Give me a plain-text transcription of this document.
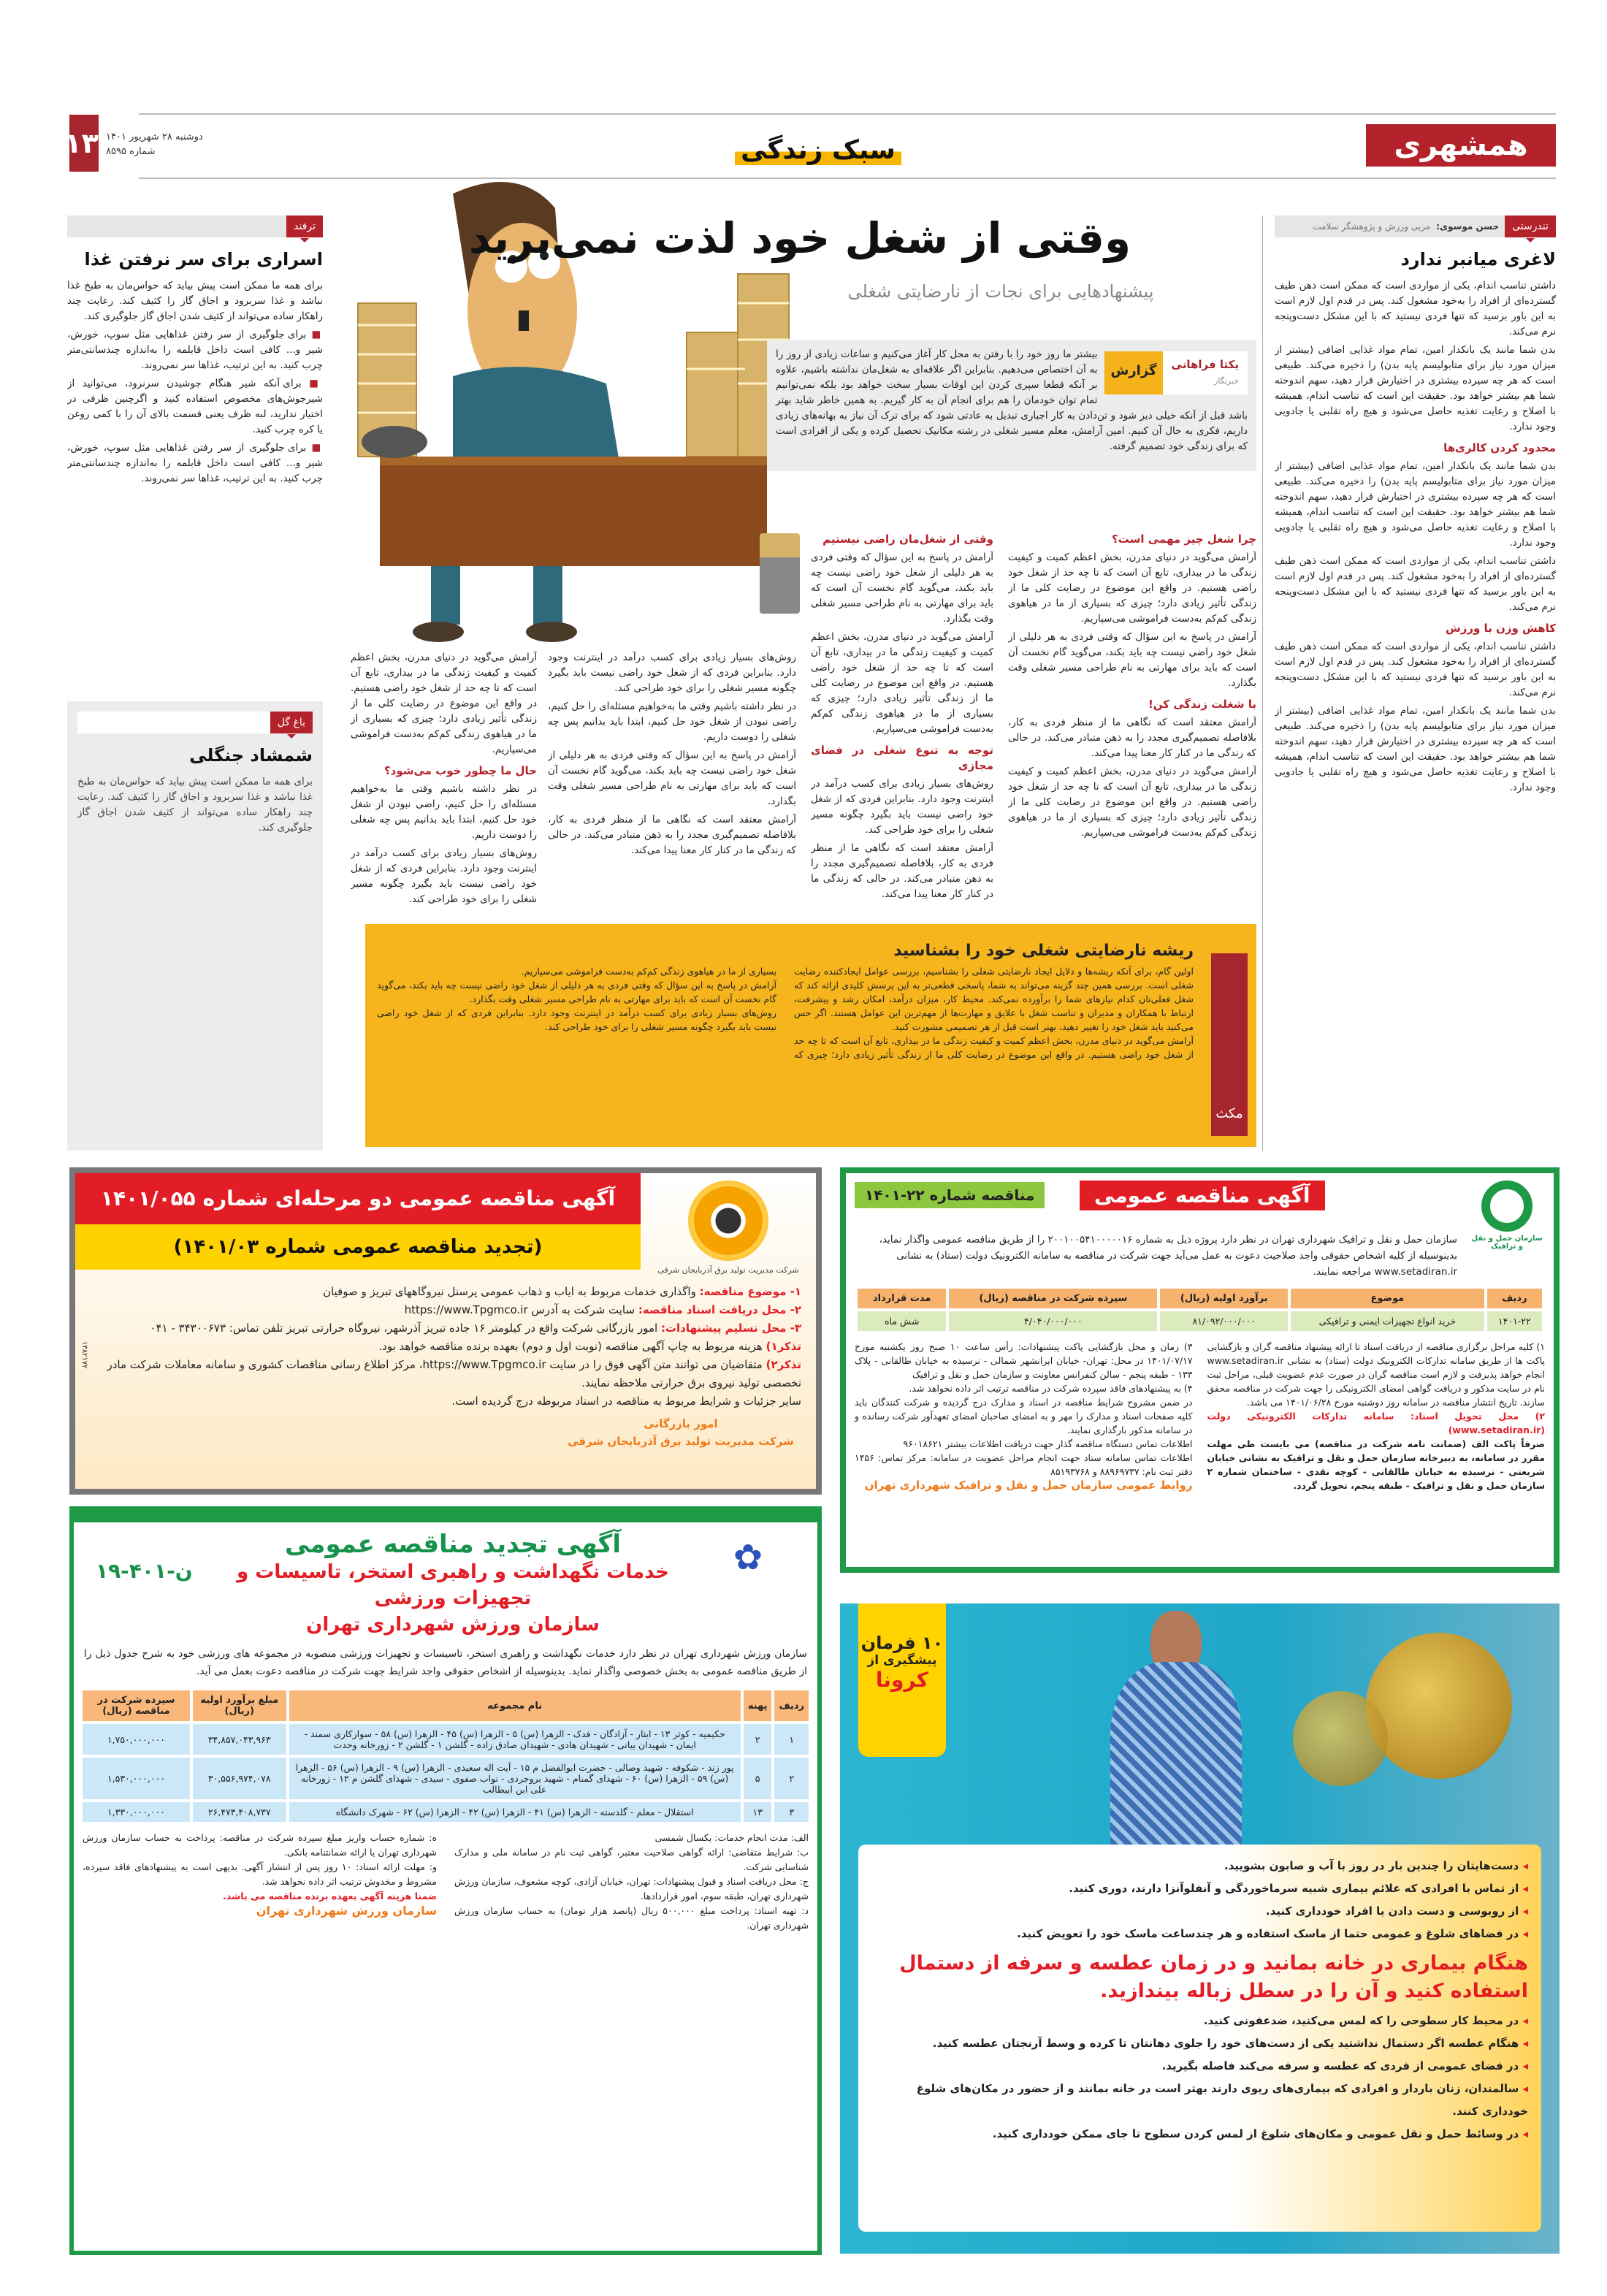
همشهری
۱۳ دوشنبه ۲۸ شهریور ۱۴۰۱
شماره ۸۵۹۵	سبک زندگی
تندرستی
حسن موسوی:
مربی ورزش و پژوهشگر سلامت
لاغری میانبر ندارد

داشتن تناسب اندام، یکی از مواردی است که ممکن است ذهن طیف گسترده‌ای از افراد را به‌خود مشغول کند. پس در قدم اول لازم است به این باور برسید که تنها فردی نیستید که با این مشکل دست‌وپنجه نرم می‌کند.

بدن شما مانند یک بانکدار امین، تمام مواد غذایی اضافی (بیشتر از میزان مورد نیاز برای متابولیسم پایه بدن) را ذخیره می‌کند. طبیعی است که هر چه سپرده بیشتری در اختیارش قرار دهید، سهم اندوخته شما هم بیشتر خواهد بود. حقیقت این است که تناسب اندام، همیشه با اصلاح و رعایت تغذیه حاصل می‌شود و هیچ راه تقلبی یا جادویی وجود ندارد.

محدود کردن کالری‌ها

بدن شما مانند یک بانکدار امین، تمام مواد غذایی اضافی (بیشتر از میزان مورد نیاز برای متابولیسم پایه بدن) را ذخیره می‌کند. طبیعی است که هر چه سپرده بیشتری در اختیارش قرار دهید، سهم اندوخته شما هم بیشتر خواهد بود. حقیقت این است که تناسب اندام، همیشه با اصلاح و رعایت تغذیه حاصل می‌شود و هیچ راه تقلبی یا جادویی وجود ندارد.

داشتن تناسب اندام، یکی از مواردی است که ممکن است ذهن طیف گسترده‌ای از افراد را به‌خود مشغول کند. پس در قدم اول لازم است به این باور برسید که تنها فردی نیستید که با این مشکل دست‌وپنجه نرم می‌کند.

کاهش وزن با ورزش

داشتن تناسب اندام، یکی از مواردی است که ممکن است ذهن طیف گسترده‌ای از افراد را به‌خود مشغول کند. پس در قدم اول لازم است به این باور برسید که تنها فردی نیستید که با این مشکل دست‌وپنجه نرم می‌کند.

بدن شما مانند یک بانکدار امین، تمام مواد غذایی اضافی (بیشتر از میزان مورد نیاز برای متابولیسم پایه بدن) را ذخیره می‌کند. طبیعی است که هر چه سپرده بیشتری در اختیارش قرار دهید، سهم اندوخته شما هم بیشتر خواهد بود. حقیقت این است که تناسب اندام، همیشه با اصلاح و رعایت تغذیه حاصل می‌شود و هیچ راه تقلبی یا جادویی وجود ندارد.

ترفند
اسراری برای سر نرفتن غذا

برای همه ما ممکن است پیش بیاید که حواس‌مان به طبخ غذا نباشد و غذا سربرود و اجاق گاز را کثیف کند. رعایت چند راهکار ساده می‌تواند از کثیف شدن اجاق گاز جلوگیری کند.

■ برای جلوگیری از سر رفتن غذاهایی مثل سوپ، خورش، شیر و... کافی است داخل قابلمه را به‌اندازه چندسانتی‌متر چرب کنید. به این ترتیب، غذاها سر نمی‌روند.

■ برای آنکه شیر هنگام جوشیدن سرنرود، می‌توانید از شیرجوش‌های مخصوص استفاده کنید و اگرچنین ظرفی در اختیار ندارید، لبه ظرف یعنی قسمت بالای آن را با کمی روغن یا کره چرب کنید.

■ برای جلوگیری از سر رفتن غذاهایی مثل سوپ، خورش، شیر و... کافی است داخل قابلمه را به‌اندازه چندسانتی‌متر چرب کنید. به این ترتیب، غذاها سر نمی‌روند.

باغ گل
شمشاد جنگلی

برای همه ما ممکن است پیش بیاید که حواس‌مان به طبخ غذا نباشد و غذا سربرود و اجاق گاز را کثیف کند. رعایت چند راهکار ساده می‌تواند از کثیف شدن اجاق گاز جلوگیری کند.

وقتی از شغل خود لذت نمی‌برید
پیشنهادهایی برای نجات از نارضایتی شغلی
یکتا فراهانی
خبرنگار
گزارش
بیشتر ما روز خود را با رفتن به محل کار آغاز می‌کنیم و ساعات زیادی از روز را به آن اختصاص می‌دهیم. بنابراین اگر علاقه‌ای به شغل‌مان نداشته باشیم، علاوه بر آنکه قطعا سپری کردن این اوقات بسیار سخت خواهد بود بلکه نمی‌توانیم تمام توان خودمان را هم برای انجام آن به کار گیریم. به همین خاطر شاید بهتر باشد قبل از آنکه خیلی دیر شود و تن‌دادن به کار اجباری تبدیل به عادتی شود که برای ترک آن نیاز به بهانه‌های زیادی داریم، فکری به حال آن کنیم. امین آرامش، معلم مسیر شغلی در رشته مکانیک تحصیل کرده و یکی از افرادی است که برای زندگی خود تصمیم گرفته.
چرا شغل چیز مهمی است؟

آرامش می‌گوید در دنیای مدرن، بخش اعظم کمیت و کیفیت زندگی ما در بیداری، تابع آن است که تا چه حد از شغل خود راضی هستیم. در واقع این موضوع در رضایت کلی ما از زندگی تأثیر زیادی دارد؛ چیزی که بسیاری از ما در هیاهوی زندگی کم‌کم به‌دست فراموشی می‌سپاریم.

آرامش در پاسخ به این سؤال که وقتی فردی به هر دلیلی از شغل خود راضی نیست چه باید بکند، می‌گوید گام نخست آن است که باید برای مهارتی به نام طراحی مسیر شغلی وقت بگذارد.

با شغلت زندگی کن!

آرامش معتقد است که نگاهی ما از منظر فردی به کار، بلافاصله تصمیم‌گیری مجدد را به ذهن متبادر می‌کند. در حالی که زندگی ما در کنار کار معنا پیدا می‌کند.

آرامش می‌گوید در دنیای مدرن، بخش اعظم کمیت و کیفیت زندگی ما در بیداری، تابع آن است که تا چه حد از شغل خود راضی هستیم. در واقع این موضوع در رضایت کلی ما از زندگی تأثیر زیادی دارد؛ چیزی که بسیاری از ما در هیاهوی زندگی کم‌کم به‌دست فراموشی می‌سپاریم.

وقتی از شغل‌مان راضی نیستیم

آرامش در پاسخ به این سؤال که وقتی فردی به هر دلیلی از شغل خود راضی نیست چه باید بکند، می‌گوید گام نخست آن است که باید برای مهارتی به نام طراحی مسیر شغلی وقت بگذارد.

آرامش می‌گوید در دنیای مدرن، بخش اعظم کمیت و کیفیت زندگی ما در بیداری، تابع آن است که تا چه حد از شغل خود راضی هستیم. در واقع این موضوع در رضایت کلی ما از زندگی تأثیر زیادی دارد؛ چیزی که بسیاری از ما در هیاهوی زندگی کم‌کم به‌دست فراموشی می‌سپاریم.

توجه به تنوع شغلی در فضای مجازی

روش‌های بسیار زیادی برای کسب درآمد در اینترنت وجود دارد. بنابراین فردی که از شغل خود راضی نیست باید بگیرد چگونه مسیر شغلی را برای خود طراحی کند.

آرامش معتقد است که نگاهی ما از منظر فردی به کار، بلافاصله تصمیم‌گیری مجدد را به ذهن متبادر می‌کند. در حالی که زندگی ما در کنار کار معنا پیدا می‌کند.

روش‌های بسیار زیادی برای کسب درآمد در اینترنت وجود دارد. بنابراین فردی که از شغل خود راضی نیست باید بگیرد چگونه مسیر شغلی را برای خود طراحی کند.

در نظر داشته باشیم وقتی ما به‌خواهیم مسئله‌ای را حل کنیم، راضی نبودن از شغل خود حل کنیم، ابتدا باید بدانیم پس چه شغلی را دوست داریم.

آرامش در پاسخ به این سؤال که وقتی فردی به هر دلیلی از شغل خود راضی نیست چه باید بکند، می‌گوید گام نخست آن است که باید برای مهارتی به نام طراحی مسیر شغلی وقت بگذارد.

آرامش معتقد است که نگاهی ما از منظر فردی به کار، بلافاصله تصمیم‌گیری مجدد را به ذهن متبادر می‌کند. در حالی که زندگی ما در کنار کار معنا پیدا می‌کند.

آرامش می‌گوید در دنیای مدرن، بخش اعظم کمیت و کیفیت زندگی ما در بیداری، تابع آن است که تا چه حد از شغل خود راضی هستیم. در واقع این موضوع در رضایت کلی ما از زندگی تأثیر زیادی دارد؛ چیزی که بسیاری از ما در هیاهوی زندگی کم‌کم به‌دست فراموشی می‌سپاریم.

حال ما چطور خوب می‌شود؟

در نظر داشته باشیم وقتی ما به‌خواهیم مسئله‌ای را حل کنیم، راضی نبودن از شغل خود حل کنیم، ابتدا باید بدانیم پس چه شغلی را دوست داریم.

روش‌های بسیار زیادی برای کسب درآمد در اینترنت وجود دارد. بنابراین فردی که از شغل خود راضی نیست باید بگیرد چگونه مسیر شغلی را برای خود طراحی کند.

مکث
ریشه نارضایتی شغلی خود را بشناسید

اولین گام، برای آنکه ریشه‌ها و دلایل ایجاد نارضایتی شغلی را بشناسیم، بررسی عوامل ایجادکننده رضایت شغلی است. بررسی همین چند گزینه می‌تواند به شما، پاسخی قطعی‌تر به این پرسش کلیدی ارائه کند که شغل فعلی‌تان کدام نیازهای شما را برآورده نمی‌کند. محیط کار، میزان درآمد، امکان رشد و پیشرفت، ارتباط با همکاران و مدیران و تناسب شغل با علایق و مهارت‌ها از مهم‌ترین این عوامل هستند. اگر حس می‌کنید باید شغل خود را تغییر دهید، بهتر است قبل از هر تصمیمی مشورت کنید.

آرامش می‌گوید در دنیای مدرن، بخش اعظم کمیت و کیفیت زندگی ما در بیداری، تابع آن است که تا چه حد از شغل خود راضی هستیم. در واقع این موضوع در رضایت کلی ما از زندگی تأثیر زیادی دارد؛ چیزی که بسیاری از ما در هیاهوی زندگی کم‌کم به‌دست فراموشی می‌سپاریم.

آرامش در پاسخ به این سؤال که وقتی فردی به هر دلیلی از شغل خود راضی نیست چه باید بکند، می‌گوید گام نخست آن است که باید برای مهارتی به نام طراحی مسیر شغلی وقت بگذارد.

روش‌های بسیار زیادی برای کسب درآمد در اینترنت وجود دارد. بنابراین فردی که از شغل خود راضی نیست باید بگیرد چگونه مسیر شغلی را برای خود طراحی کند.

آگهی مناقصه عمومی دو مرحله‌ای شماره ۱۴۰۱/۰۵۵
(تجدید مناقصه عمومی شماره ۱۴۰۱/۰۳)
شرکت مدیریت تولید برق آذربایجان شرقی
۱- موضوع مناقصه: واگذاری خدمات مربوط به ایاب و ذهاب عمومی پرسنل نیروگاههای تبریز و صوفیان
۲- محل دریافت اسناد مناقصه: سایت شرکت به آدرس https://www.Tpgmco.ir
۳- محل تسلیم پیشنهادات: امور بازرگانی شرکت واقع در کیلومتر ۱۶ جاده تبریز آذرشهر، نیروگاه حرارتی تبریز تلفن تماس: ۳۴۳۰۰۶۷۳ - ۰۴۱
تذکر۱) هزینه مربوط به چاپ آگهی مناقصه (نوبت اول و دوم) بعهده برنده مناقصه خواهد بود.
تذکر۲) متقاضیان می توانند متن آگهی فوق را در سایت https://www.Tpgmco.ir، مرکز اطلاع رسانی مناقصات کشوری و سامانه معاملات شرکت مادر تخصصی تولید نیروی برق حرارتی ملاحظه نمایند.
سایر جزئیات و شرایط مربوط به مناقصه در اسناد مربوطه درج گردیده است.
امور بازرگانی
شرکت مدیریت تولید برق آذربایجان شرقی
۱۳۸۲۱۷۲
✿
۱۹-ن-۴۰۱
آگهی تجدید مناقصه عمومی
خدمات نگهداشت و راهبری استخر، تاسیسات و تجهیزات ورزشی
سازمان ورزش شهرداری تهران
سازمان ورزش شهرداری تهران در نظر دارد خدمات نگهداشت و راهبری استخر، تاسیسات و تجهیزات ورزشی منصوبه در مجموعه های ورزشی خود به شرح جدول ذیل را از طریق مناقصه عمومی به بخش خصوصی واگذار نماید. بدینوسیله از اشخاص حقوقی واجد شرایط جهت شرکت در مناقصه دعوت بعمل می آید.
ردیف	پهنه	نام مجموعه	مبلغ برآورد اولیه (ریال)	سپرده شرکت در مناقصه (ریال)
۱	۲	حکیمیه - کوثر ۱۳ - ایثار - آزادگان - فدک - الزهرا (س) ۵ - الزهرا (س) ۴۵ - الزهرا (س) ۵۸ - سوارکاری سمند - ایمان - شهیدان بیاتی - شهیدان هادی - شهیدان صادق زاده - گلشن ۱ - گلشن ۲ - زورخانه وحدت	۳۴,۸۵۷,۰۴۳,۹۶۳	۱,۷۵۰,۰۰۰,۰۰۰
۲	۵	پور زند - شکوفه - شهید وصالی - حضرت ابوالفضل م ۱۵ - آیت اله سعیدی - الزهرا (س) ۹ - الزهرا (س) ۵۶ - الزهرا (س) ۵۹ - الزهرا (س) ۶۰ - شهدای گمنام - شهید بروجردی - نواب صفوی - سیدی - شهدای گلشن م ۱۲ - زورخانه علی ابن ابیطالب	۳۰,۵۵۶,۹۷۴,۰۷۸	۱,۵۳۰,۰۰۰,۰۰۰
۳	۱۳	استقلال - معلم - گلدسته - الزهرا (س) ۴۱ - الزهرا (س) ۴۲ - الزهرا (س) ۶۲ - شهرک دانشگاه	۲۶,۴۷۳,۴۰۸,۷۳۷	۱,۳۳۰,۰۰۰,۰۰۰

الف: مدت انجام خدمات: یکسال شمسی

ب: شرایط متقاضی: ارائه گواهی صلاحیت معتبر، گواهی ثبت نام در سامانه ملی و مدارک شناسایی شرکت.

ج: محل دریافت اسناد و قبول پیشنهادات: تهران، خیابان آزادی، کوچه مشعوف، سازمان ورزش شهرداری تهران، طبقه سوم، امور قراردادها.

د: تهیه اسناد: پرداخت مبلغ ۵۰۰,۰۰۰ ریال (پانصد هزار تومان) به حساب سازمان ورزش شهرداری تهران.

ه: شماره حساب واریز مبلغ سپرده شرکت در مناقصه: پرداخت به حساب سازمان ورزش شهرداری تهران یا ارائه ضمانتنامه بانکی.

و: مهلت ارائه اسناد: ۱۰ روز پس از انتشار آگهی. بدیهی است به پیشنهادهای فاقد سپرده، مشروط و مخدوش ترتیب اثر داده نخواهد شد.

ضمنا هزینه آگهی بعهده برنده مناقصه می باشد.

سازمان ورزش شهرداری تهران

مناقصه شماره ۲۲-۱۴۰۱	آگهی مناقصه عمومی
سازمان حمل و نقل و ترافیک
سازمان حمل و نقل و ترافیک شهرداری تهران در نظر دارد پروژه ذیل به شماره ۲۰۰۱۰۰۵۴۱۰۰۰۰۰۱۶ را از طریق مناقصه عمومی واگذار نماید، بدینوسیله از کلیه اشخاص حقوقی واجد صلاحیت دعوت به عمل می‌آید جهت شرکت در مناقصه به سامانه الکترونیک دولت (ستاد) به نشانی www.setadiran.ir مراجعه نمایند.
ردیف	موضوع	برآورد اولیه (ریال)	سپرده شرکت در مناقصه (ریال)	مدت قرارداد
۱۴۰۱-۲۲	خرید انواع تجهیزات ایمنی و ترافیکی	۸۱/۰۹۲/۰۰۰/۰۰۰	۴/۰۴۰/۰۰۰/۰۰۰	شش ماه

۱) کلیه مراحل برگزاری مناقصه از دریافت اسناد تا ارائه پیشنهاد مناقصه گران و بازگشایی پاکت ها از طریق سامانه تدارکات الکترونیک دولت (ستاد) به نشانی www.setadiran.ir انجام خواهد پذیرفت و لازم است مناقصه گران در صورت عدم عضویت قبلی، مراحل ثبت نام در سایت مذکور و دریافت گواهی امضای الکترونیکی را جهت شرکت در مناقصه محقق سازند. تاریخ انتشار مناقصه در سامانه روز دوشنبه مورخ ۱۴۰۱/۰۶/۲۸ می باشد.

۲) محل تحویل اسناد: سامانه تدارکات الکترونیکی دولت (www.setadiran.ir)

صرفاً پاکت الف (ضمانت نامه شرکت در مناقصه) می بایست طی مهلت مقرر در سامانه، به دبیرخانه سازمان حمل و نقل و ترافیک به نشانی خیابان شریعتی - نرسیده به خیابان طالقانی - کوچه نقدی - ساختمان شماره ۲ سازمان حمل و نقل و ترافیک - طبقه پنجم، تحویل گردد.

۳) زمان و محل بازگشایی پاکت پیشنهادات: رأس ساعت ۱۰ صبح روز یکشنبه مورخ ۱۴۰۱/۰۷/۱۷ در محل: تهران- خیابان ایرانشهر شمالی - نرسیده به خیابان طالقانی - پلاک ۱۳۳ - طبقه پنجم - سالن کنفرانس معاونت و سازمان حمل و نقل و ترافیک

۴) به پیشنهادهای فاقد سپرده شرکت در مناقصه ترتیب اثر داده نخواهد شد.

در ضمن مشروح شرایط مناقصه در اسناد و مدارک درج گردیده و شرکت کنندگان باید کلیه صفحات اسناد و مدارک را مهر و به امضای صاحبان امضای تعهدآور شرکت رسانده و در سامانه مذکور بارگذاری نمایند.

اطلاعات تماس دستگاه مناقصه گذار جهت دریافت اطلاعات بیشتر ۹۶۰۱۸۶۲۱

اطلاعات تماس سامانه ستاد جهت انجام مراحل عضویت در سامانه: مرکز تماس: ۱۴۵۶ دفتر ثبت نام: ۸۸۹۶۹۷۳۷ و ۸۵۱۹۳۷۶۸

روابط عمومی سازمان حمل و نقل و ترافیک شهرداری تهران

۱۰ فرمان
پیشگیری از
کرونا
◂ دست‌هایتان را چندین بار در روز با آب و صابون بشویید.
◂ از تماس با افرادی که علائم بیماری شبیه سرماخوردگی و آنفلوآنزا دارند، دوری کنید.
◂ از روبوسی و دست دادن با افراد خودداری کنید.
◂ در فضاهای شلوغ و عمومی حتما از ماسک استفاده و هر چندساعت ماسک خود را تعویض کنید.
هنگام بیماری در خانه بمانید و در زمان عطسه و سرفه از دستمال استفاده کنید و آن را در سطل زباله بیندازید.
◂ در محیط کار سطوحی را که لمس می‌کنید، ضدعفونی کنید.
◂ هنگام عطسه اگر دستمال نداشتید یکی از دست‌های خود را جلوی دهانتان تا کرده و وسط آرنجتان عطسه کنید.
◂ در فضای عمومی از فردی که عطسه و سرفه می‌کند فاصله بگیرید.
◂ سالمندان، زنان باردار و افرادی که بیماری‌های ریوی دارند بهتر است در خانه بمانند و از حضور در مکان‌های شلوغ خودداری کنند.
◂ در وسائط حمل و نقل عمومی و مکان‌های شلوغ از لمس کردن سطوح تا جای ممکن خودداری کنید.
